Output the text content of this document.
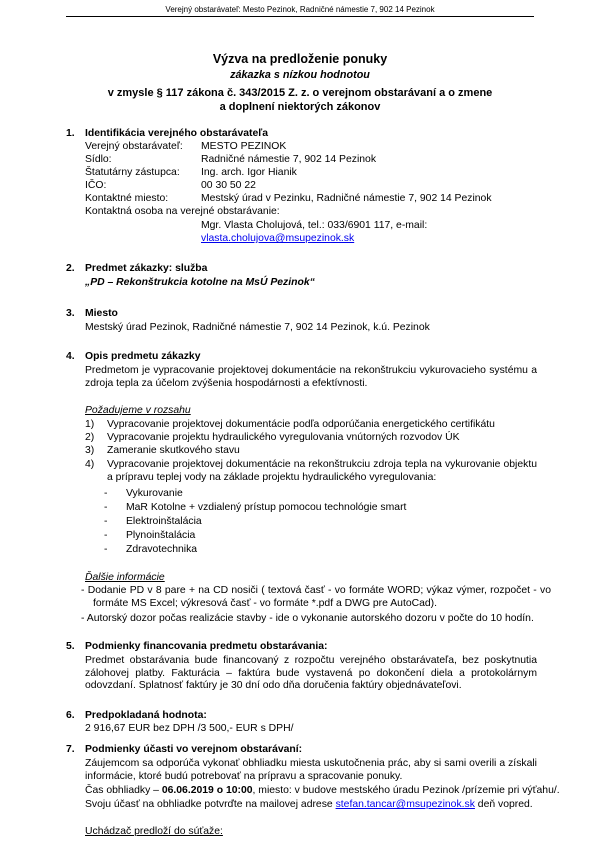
Verejný obstarávateľ: Mesto Pezinok, Radničné námestie 7, 902 14 Pezinok
Výzva na predloženie ponuky
zákazka s nízkou hodnotou
v zmysle § 117 zákona č. 343/2015 Z. z. o verejnom obstarávaní a o zmene
a doplnení niektorých zákonov
1. Identifikácia verejného obstarávateľa
Verejný obstarávateľ: MESTO PEZINOK
Sídlo:	Radničné námestie 7, 902 14 Pezinok
Štatutárny zástupca: Ing. arch. Igor Hianik
IČO:	00 30 50 22
Kontaktné miesto:	Mestský úrad v Pezinku, Radničné námestie 7, 902 14 Pezinok
Kontaktná osoba na verejné obstarávanie:
Mgr. Vlasta Cholujová, tel.: 033/6901 117, e-mail:
vlasta.cholujova@msupezinok.sk
2. Predmet zákazky: služba
„PD – Rekonštrukcia kotolne na MsÚ Pezinok“
3. Miesto
Mestský úrad Pezinok, Radničné námestie 7, 902 14 Pezinok, k.ú. Pezinok
4. Opis predmetu zákazky
Predmetom je vypracovanie projektovej dokumentácie na rekonštrukciu vykurovacieho systému a zdroja tepla za účelom zvýšenia hospodárnosti a efektívnosti.
Požadujeme v rozsahu
1) Vypracovanie projektovej dokumentácie podľa odporúčania energetického certifikátu
2) Vypracovanie projektu hydraulického vyregulovania vnútorných rozvodov ÚK
3) Zameranie skutkového stavu
4) Vypracovanie projektovej dokumentácie na rekonštrukciu zdroja tepla na vykurovanie objektu a prípravu teplej vody na základe projektu hydraulického vyregulovania:
- Vykurovanie
- MaR Kotolne + vzdialený prístup pomocou technológie smart
- Elektroinštalácia
- Plynoinštalácia
- Zdravotechnika
Ďalšie informácie
- Dodanie PD v 8 pare + na CD nosiči ( textová časť - vo formáte WORD; výkaz výmer, rozpočet - vo formáte MS Excel; výkresová časť - vo formáte *.pdf a DWG pre AutoCad).
- Autorský dozor počas realizácie stavby - ide o vykonanie autorského dozoru v počte do 10 hodín.
5. Podmienky financovania predmetu obstarávania:
Predmet obstarávania bude financovaný z rozpočtu verejného obstarávateľa, bez poskytnutia zálohovej platby. Fakturácia – faktúra bude vystavená po dokončení diela a protokolárnym odovzdaní. Splatnosť faktúry je 30 dní odo dňa doručenia faktúry objednávateľovi.
6. Predpokladaná hodnota:
2 916,67 EUR bez DPH /3 500,- EUR s DPH/
7. Podmienky účasti vo verejnom obstarávaní:
Záujemcom sa odporúča vykonať obhliadku miesta uskutočnenia prác, aby si sami overili a získali informácie, ktoré budú potrebovať na prípravu a spracovanie ponuky.
Čas obhliadky – 06.06.2019 o 10:00, miesto: v budove mestského úradu Pezinok /prízemie pri výťahu/.
Svoju účasť na obhliadke potvrďte na mailovej adrese stefan.tancar@msupezinok.sk deň vopred.
Uchádzač predloží do súťaže:
